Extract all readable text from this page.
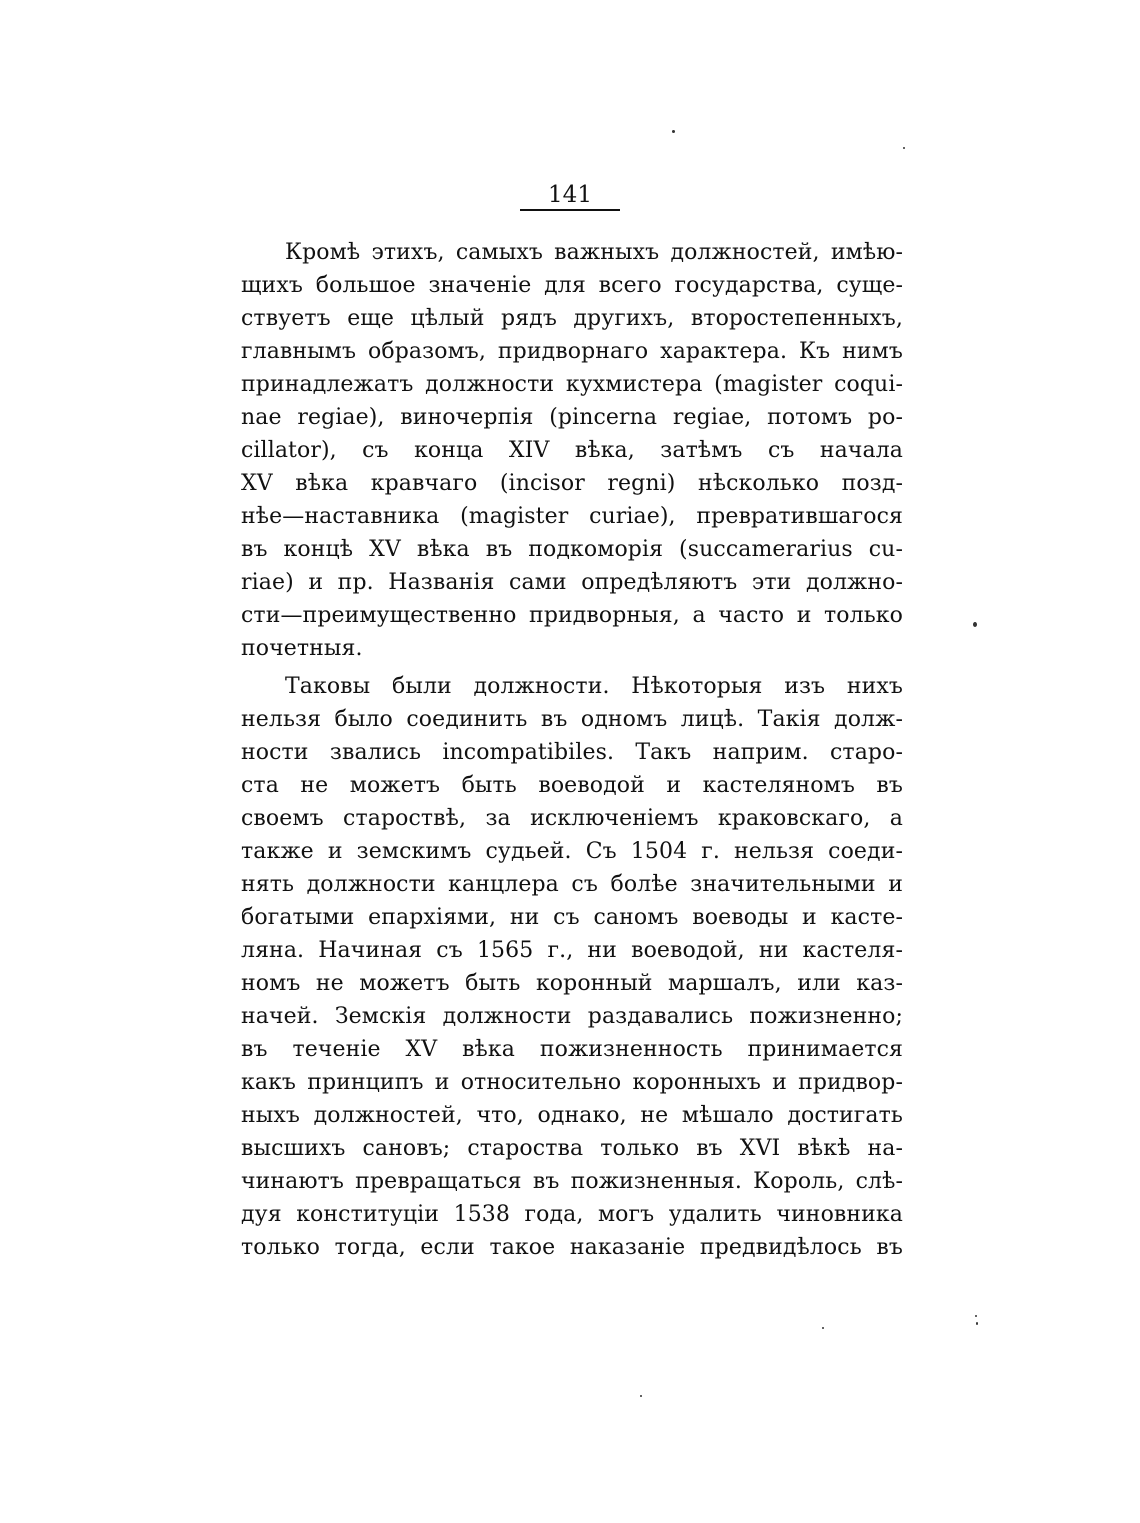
141
Кромѣ этихъ, самыхъ важныхъ должностей, имѣю-
щихъ большое значеніе для всего государства, суще-
ствуетъ еще цѣлый рядъ другихъ, второстепенныхъ,
главнымъ образомъ, придворнаго характера. Къ нимъ
принадлежатъ должности кухмистера (magister coqui-
nae regiae), виночерпія (pincerna regiae, потомъ po-
cillator), съ конца XIV вѣка, затѣмъ съ начала
XV вѣка кравчаго (incisor regni) нѣсколько позд-
нѣе—наставника (magister curiae), превратившагося
въ концѣ XV вѣка въ подкоморія (succamerarius cu-
riae) и пр. Названія сами опредѣляютъ эти должно-
сти—преимущественно придворныя, а часто и только
почетныя.
Таковы были должности. Нѣкоторыя изъ нихъ
нельзя было соединить въ одномъ лицѣ. Такія долж-
ности звались incompatibiles. Такъ наприм. старо-
ста не можетъ быть воеводой и кастеляномъ въ
своемъ староствѣ, за исключеніемъ краковскаго, а
также и земскимъ судьей. Съ 1504 г. нельзя соеди-
нять должности канцлера съ болѣе значительными и
богатыми епархіями, ни съ саномъ воеводы и касте-
ляна. Начиная съ 1565 г., ни воеводой, ни кастеля-
номъ не можетъ быть коронный маршалъ, или каз-
начей. Земскія должности раздавались пожизненно;
въ теченіе XV вѣка пожизненность принимается
какъ принципъ и относительно коронныхъ и придвор-
ныхъ должностей, что, однако, не мѣшало достигать
высшихъ сановъ; староства только въ XVI вѣкѣ на-
чинаютъ превращаться въ пожизненныя. Король, слѣ-
дуя конституціи 1538 года, могъ удалить чиновника
только тогда, если такое наказаніе предвидѣлось въ
